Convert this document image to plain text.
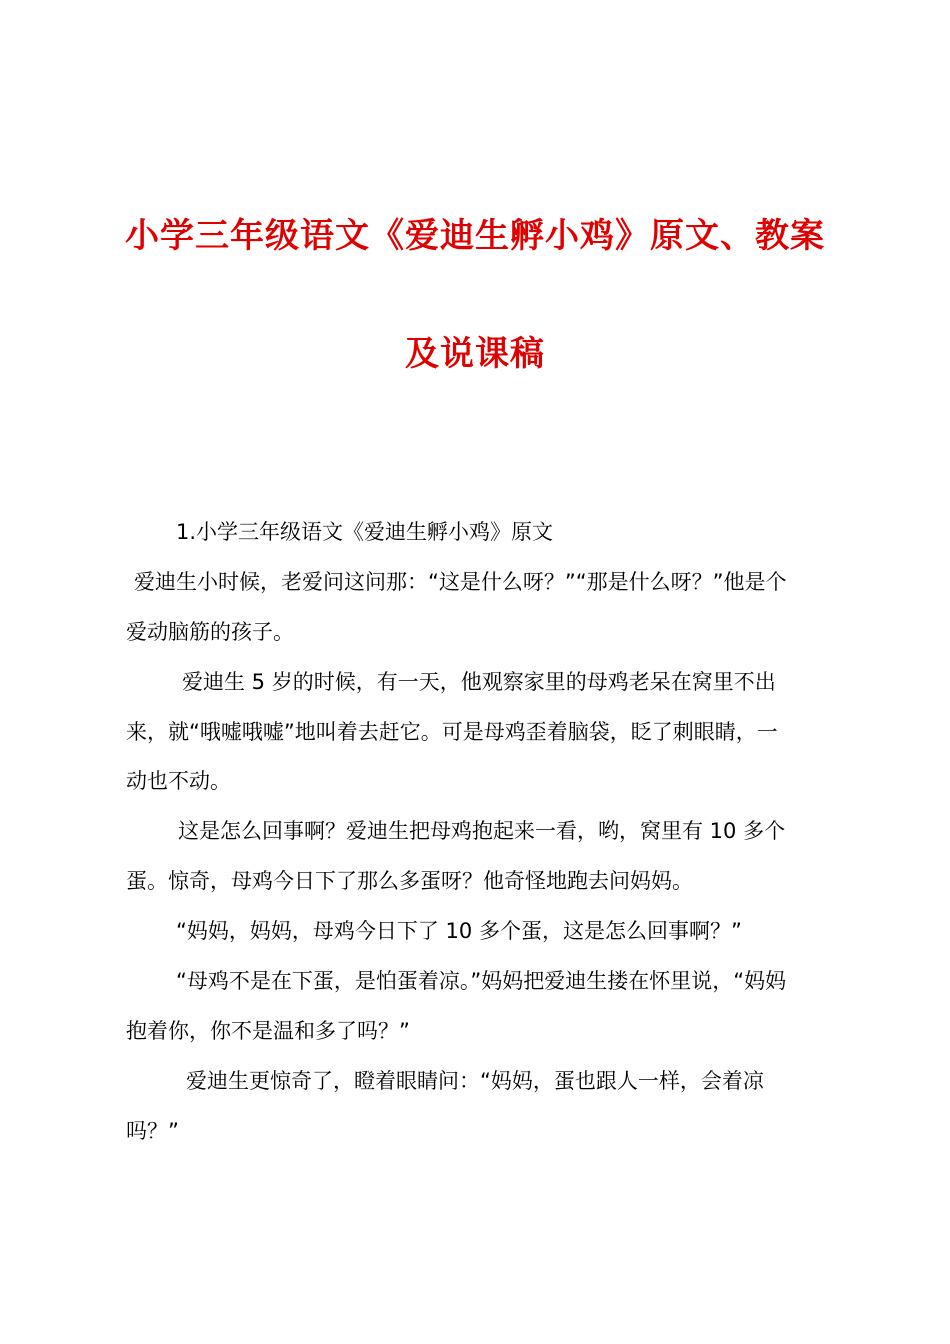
小学三年级语文《爱迪生孵小鸡》原文、教案
及说课稿
1.小学三年级语文《爱迪生孵小鸡》原文
爱迪生小时候，老爱问这问那：“这是什么呀？”“那是什么呀？”他是个
爱动脑筋的孩子。
爱迪生 5 岁的时候，有一天，他观察家里的母鸡老呆在窝里不出
来，就“哦嘘哦嘘”地叫着去赶它。可是母鸡歪着脑袋，眨了刺眼睛，一
动也不动。
这是怎么回事啊？爱迪生把母鸡抱起来一看，哟，窝里有 10 多个
蛋。惊奇，母鸡今日下了那么多蛋呀？他奇怪地跑去问妈妈。
“妈妈，妈妈，母鸡今日下了 10 多个蛋，这是怎么回事啊？”
“母鸡不是在下蛋，是怕蛋着凉。”妈妈把爱迪生搂在怀里说，“妈妈
抱着你，你不是温和多了吗？”
爱迪生更惊奇了，瞪着眼睛问：“妈妈，蛋也跟人一样，会着凉
吗？”
